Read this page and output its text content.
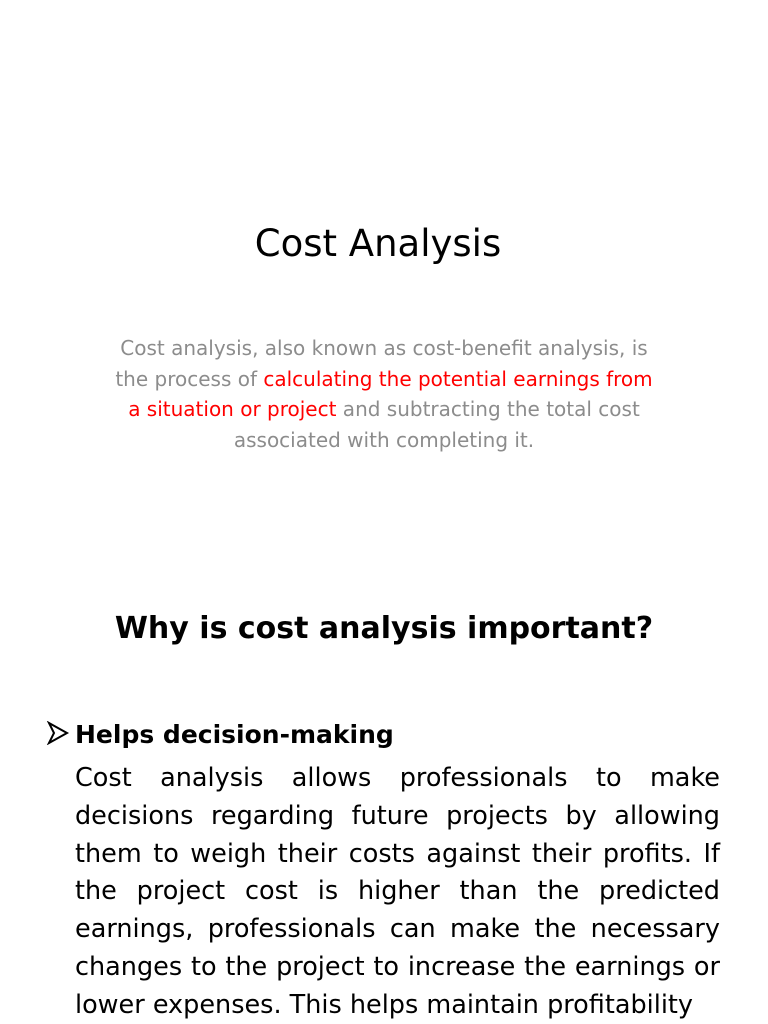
Cost Analysis

Cost analysis, also known as cost-benefit analysis, is the process of calculating the potential earnings from a situation or project and subtracting the total cost associated with completing it.

Why is cost analysis important?
Helps decision-making
Cost analysis allows professionals to make decisions regarding future projects by allowing them to weigh their costs against their profits. If the project cost is higher than the predicted earnings, professionals can make the necessary changes to the project to increase the earnings or lower expenses. This helps maintain profitability
